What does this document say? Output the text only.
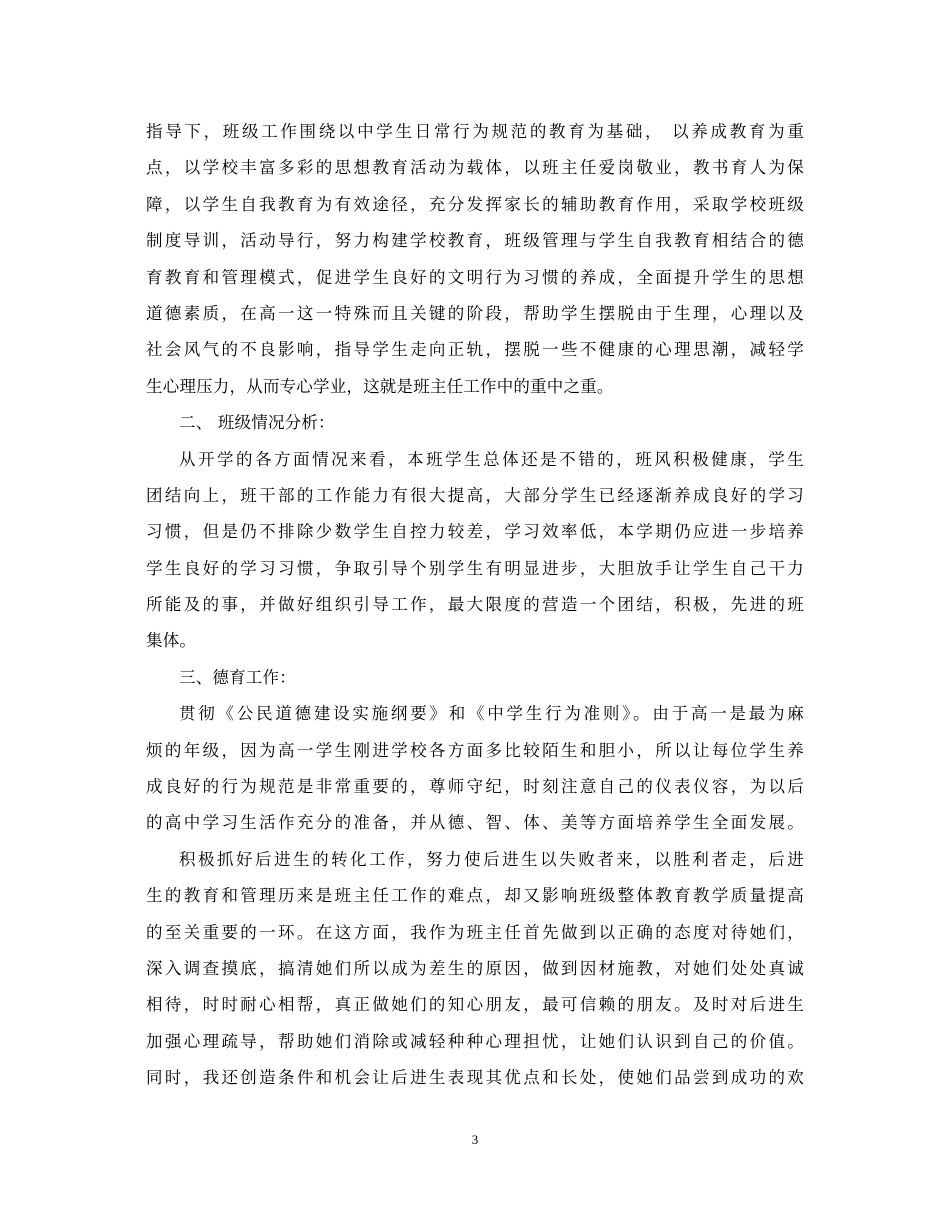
指导下，班级工作围绕以中学生日常行为规范的教育为基础， 以养成教育为重
点，以学校丰富多彩的思想教育活动为载体，以班主任爱岗敬业，教书育人为保
障，以学生自我教育为有效途径，充分发挥家长的辅助教育作用，采取学校班级
制度导训，活动导行，努力构建学校教育，班级管理与学生自我教育相结合的德
育教育和管理模式，促进学生良好的文明行为习惯的养成，全面提升学生的思想
道德素质，在高一这一特殊而且关键的阶段，帮助学生摆脱由于生理，心理以及
社会风气的不良影响，指导学生走向正轨，摆脱一些不健康的心理思潮，减轻学
生心理压力，从而专心学业，这就是班主任工作中的重中之重。
二、 班级情况分析：
从开学的各方面情况来看，本班学生总体还是不错的，班风积极健康，学生
团结向上，班干部的工作能力有很大提高，大部分学生已经逐渐养成良好的学习
习惯，但是仍不排除少数学生自控力较差，学习效率低，本学期仍应进一步培养
学生良好的学习习惯，争取引导个别学生有明显进步，大胆放手让学生自己干力
所能及的事，并做好组织引导工作，最大限度的营造一个团结，积极，先进的班
集体。
三、德育工作：
贯彻《公民道德建设实施纲要》和《中学生行为准则》。由于高一是最为麻
烦的年级，因为高一学生刚进学校各方面多比较陌生和胆小，所以让每位学生养
成良好的行为规范是非常重要的，尊师守纪，时刻注意自己的仪表仪容，为以后
的高中学习生活作充分的准备，并从德、智、体、美等方面培养学生全面发展。
积极抓好后进生的转化工作，努力使后进生以失败者来，以胜利者走，后进
生的教育和管理历来是班主任工作的难点，却又影响班级整体教育教学质量提高
的至关重要的一环。在这方面，我作为班主任首先做到以正确的态度对待她们，
深入调查摸底，搞清她们所以成为差生的原因，做到因材施教，对她们处处真诚
相待，时时耐心相帮，真正做她们的知心朋友，最可信赖的朋友。及时对后进生
加强心理疏导，帮助她们消除或减轻种种心理担忧，让她们认识到自己的价值。
同时，我还创造条件和机会让后进生表现其优点和长处，使她们品尝到成功的欢
3
